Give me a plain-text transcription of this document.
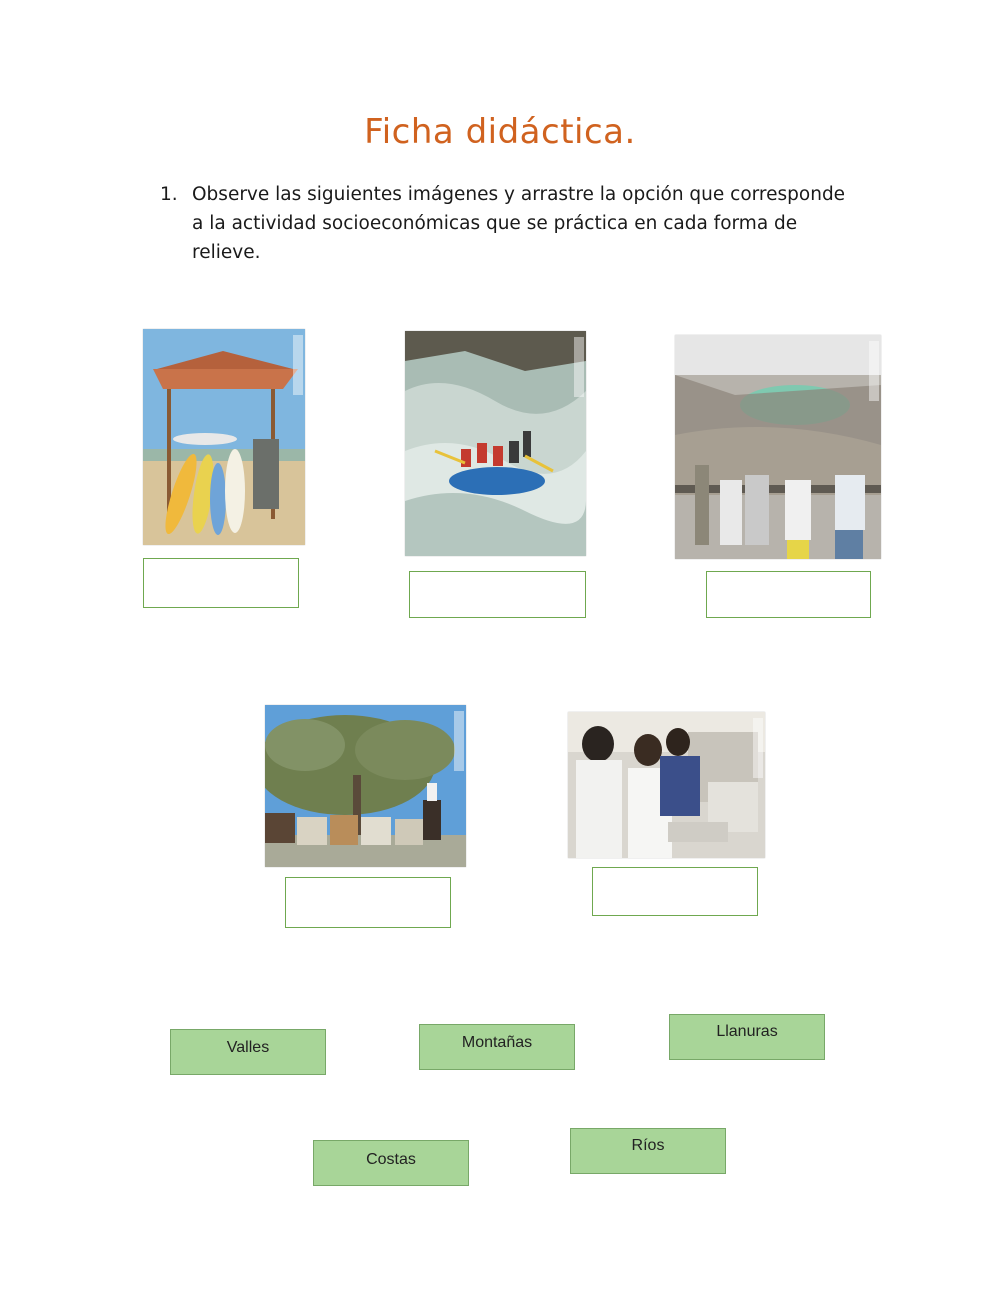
Ficha didáctica.
1. Observe las siguientes imágenes y arrastre la opción que corresponde a la actividad socioeconómicas que se práctica en cada forma de relieve.
Valles	Montañas
Llanuras
Costas
Ríos
